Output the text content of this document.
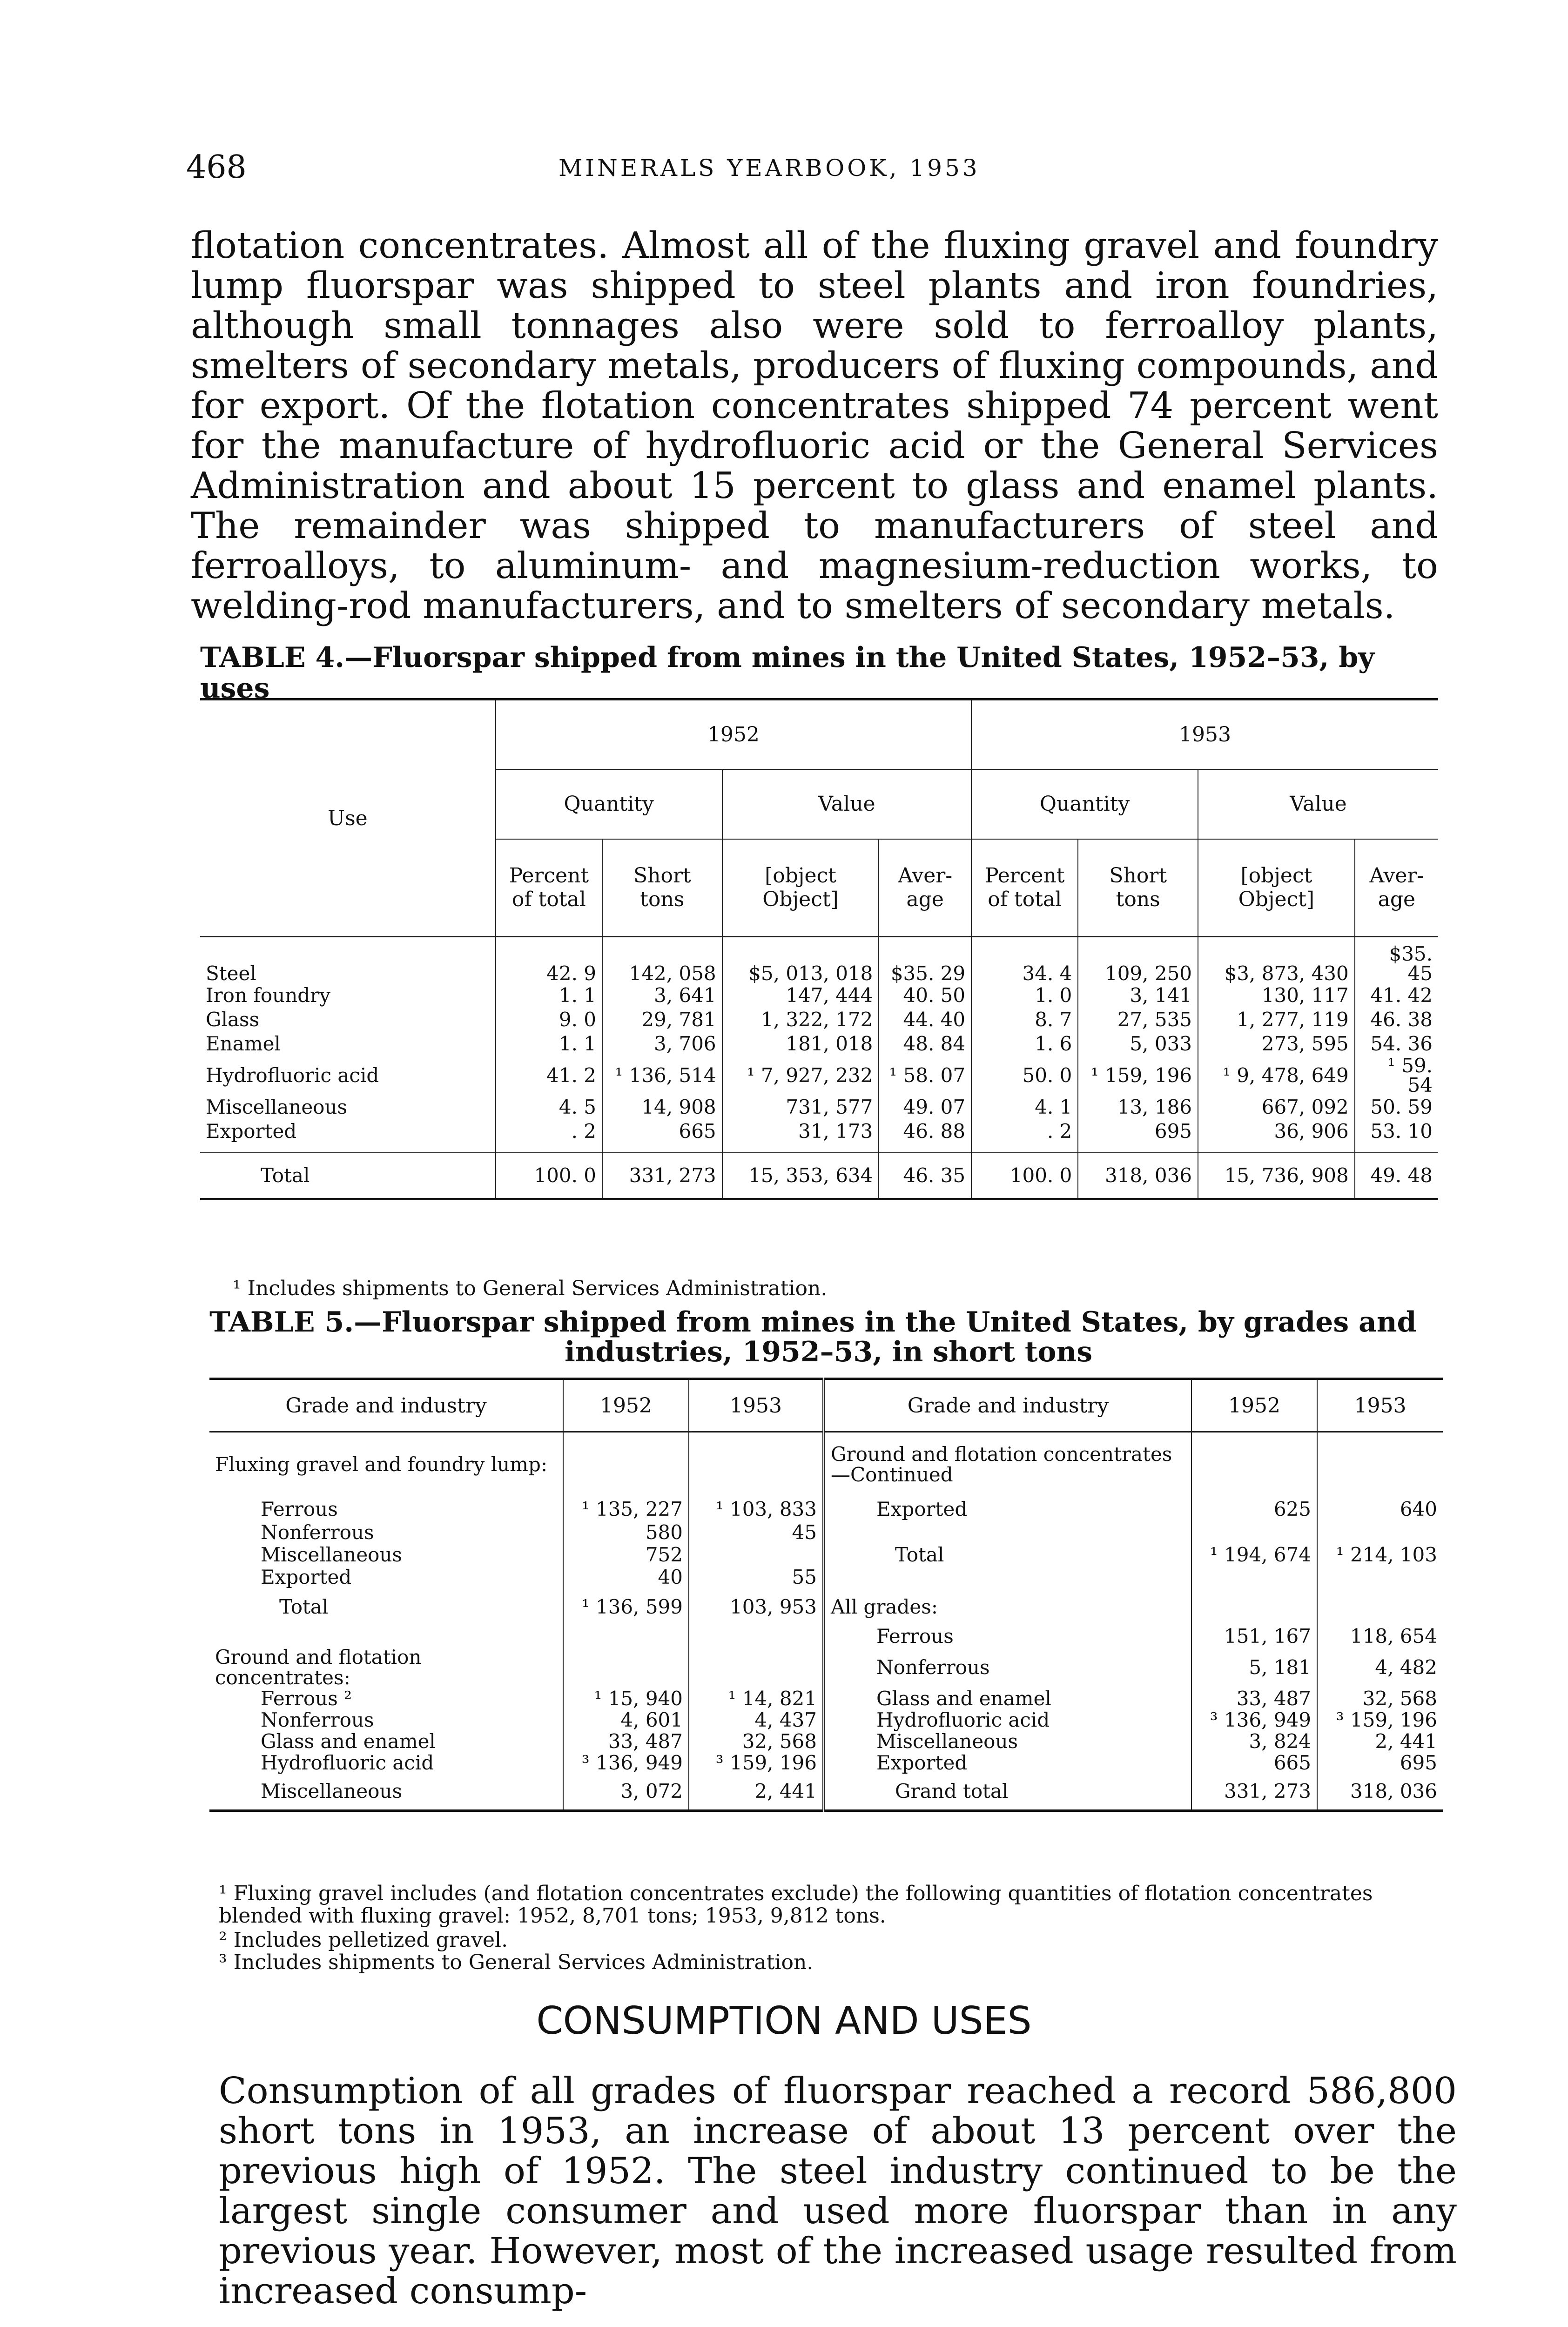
468	MINERALS YEARBOOK, 1953

flotation concentrates. Almost all of the fluxing gravel and foundry lump fluorspar was shipped to steel plants and iron foundries, although small tonnages also were sold to ferroalloy plants, smelters of secondary metals, producers of fluxing compounds, and for export. Of the flotation concentrates shipped 74 percent went for the manufacture of hydrofluoric acid or the General Services Administration and about 15 percent to glass and enamel plants. The remainder was shipped to manufacturers of steel and ferroalloys, to aluminum- and magnesium-reduction works, to welding-rod manufacturers, and to smelters of secondary metals.

TABLE 4.—Fluorspar shipped from mines in the United States, 1952–53, by uses
Use	1952				1953			
	Quantity		Value		Quantity		Value	
	Percent of total	Short tons	[object Object]	Aver-age	Percent of total	Short tons	[object Object]	Aver-age
Steel	42. 9	142, 058	$5, 013, 018	$35. 29	34. 4	109, 250	$3, 873, 430	$35. 45
Iron foundry	1. 1	3, 641	147, 444	40. 50	1. 0	3, 141	130, 117	41. 42
Glass	9. 0	29, 781	1, 322, 172	44. 40	8. 7	27, 535	1, 277, 119	46. 38
Enamel	1. 1	3, 706	181, 018	48. 84	1. 6	5, 033	273, 595	54. 36
Hydrofluoric acid	41. 2	¹ 136, 514	¹ 7, 927, 232	¹ 58. 07	50. 0	¹ 159, 196	¹ 9, 478, 649	¹ 59. 54
Miscellaneous	4. 5	14, 908	731, 577	49. 07	4. 1	13, 186	667, 092	50. 59
Exported	. 2	665	31, 173	46. 88	. 2	695	36, 906	53. 10

Total	100. 0	331, 273	15, 353, 634	46. 35	100. 0	318, 036	15, 736, 908	49. 48
¹ Includes shipments to General Services Administration.
TABLE 5.—Fluorspar shipped from mines in the United States, by grades and
industries, 1952–53, in short tons
Grade and industry	1952	1953	Grade and industry	1952	1953
Fluxing gravel and foundry lump:			Ground and flotation concentrates—Continued		
Ferrous	¹ 135, 227	¹ 103, 833	Exported	625	640
Nonferrous	580	45			
Miscellaneous	752		Total	¹ 194, 674	¹ 214, 103
Exported	40	55			
Total	¹ 136, 599	103, 953	All grades:		
			Ferrous	151, 167	118, 654
Ground and flotation concentrates:			Nonferrous	5, 181	4, 482
Ferrous ²	¹ 15, 940	¹ 14, 821	Glass and enamel	33, 487	32, 568
Nonferrous	4, 601	4, 437	Hydrofluoric acid	³ 136, 949	³ 159, 196
Glass and enamel	33, 487	32, 568	Miscellaneous	3, 824	2, 441
Hydrofluoric acid	³ 136, 949	³ 159, 196	Exported	665	695
Miscellaneous	3, 072	2, 441	Grand total	331, 273	318, 036
¹ Fluxing gravel includes (and flotation concentrates exclude) the following quantities of flotation concentrates blended with fluxing gravel: 1952, 8,701 tons; 1953, 9,812 tons.
² Includes pelletized gravel.
³ Includes shipments to General Services Administration.
CONSUMPTION AND USES

Consumption of all grades of fluorspar reached a record 586,800 short tons in 1953, an increase of about 13 percent over the previous high of 1952. The steel industry continued to be the largest single consumer and used more fluorspar than in any previous year. However, most of the increased usage resulted from increased consump-
